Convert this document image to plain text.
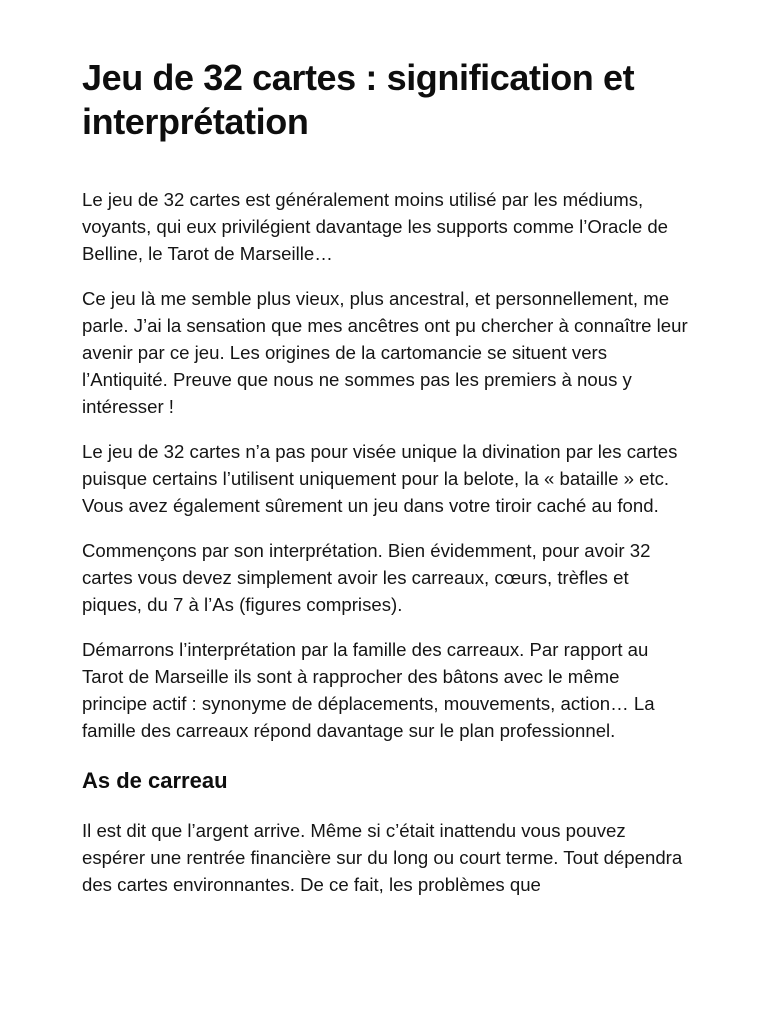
Jeu de 32 cartes : signification et interprétation

Le jeu de 32 cartes est généralement moins utilisé par les médiums, voyants, qui eux privilégient davantage les supports comme l’Oracle de Belline, le Tarot de Marseille…

Ce jeu là me semble plus vieux, plus ancestral, et personnellement, me parle. J’ai la sensation que mes ancêtres ont pu chercher à connaître leur avenir par ce jeu. Les origines de la cartomancie se situent vers l’Antiquité. Preuve que nous ne sommes pas les premiers à nous y intéresser !

Le jeu de 32 cartes n’a pas pour visée unique la divination par les cartes puisque certains l’utilisent uniquement pour la belote, la « bataille » etc. Vous avez également sûrement un jeu dans votre tiroir caché au fond.

Commençons par son interprétation. Bien évidemment, pour avoir 32 cartes vous devez simplement avoir les carreaux, cœurs, trèfles et piques, du 7 à l’As (figures comprises).

Démarrons l’interprétation par la famille des carreaux. Par rapport au Tarot de Marseille ils sont à rapprocher des bâtons avec le même principe actif : synonyme de déplacements, mouvements, action… La famille des carreaux répond davantage sur le plan professionnel.

As de carreau

Il est dit que l’argent arrive. Même si c’était inattendu vous pouvez espérer une rentrée financière sur du long ou court terme. Tout dépendra des cartes environnantes. De ce fait, les problèmes que
